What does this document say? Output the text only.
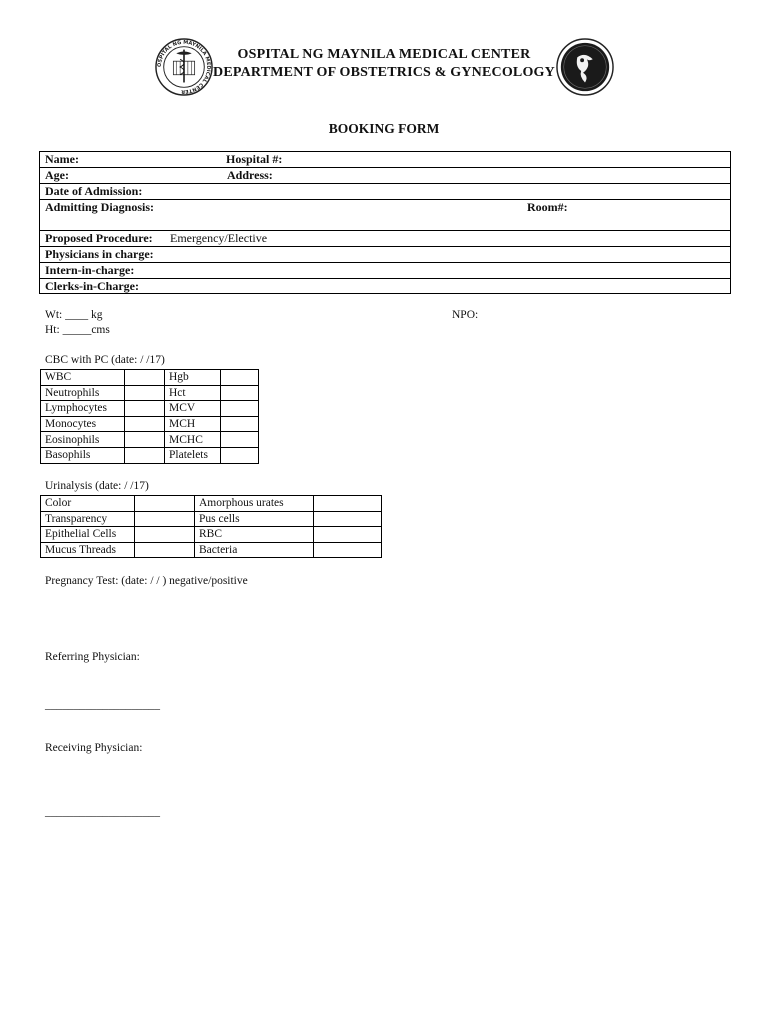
OSPITAL NG MAYNILA MEDICAL CENTER
OSPITAL NG MAYNILA MEDICAL CENTER
DEPARTMENT OF OBSTETRICS & GYNECOLOGY
BOOKING FORM
Name:	Hospital #:
Age:	Address:
Date of Admission:
Admitting Diagnosis:	Room#:
Proposed Procedure: Emergency/Elective
Physicians in charge:
Intern-in-charge:
Clerks-in-Charge:
Wt: ____ kg
Ht: _____cms
NPO:
CBC with PC (date: / /17)
WBC		Hgb	
Neutrophils		Hct	
Lymphocytes		MCV	
Monocytes		MCH	
Eosinophils		MCHC	
Basophils		Platelets	
Urinalysis (date: / /17)
Color		Amorphous urates	
Transparency		Pus cells	
Epithelial Cells		RBC	
Mucus Threads		Bacteria	
Pregnancy Test: (date: / / ) negative/positive
Referring Physician:
____________________
Receiving Physician:
____________________
